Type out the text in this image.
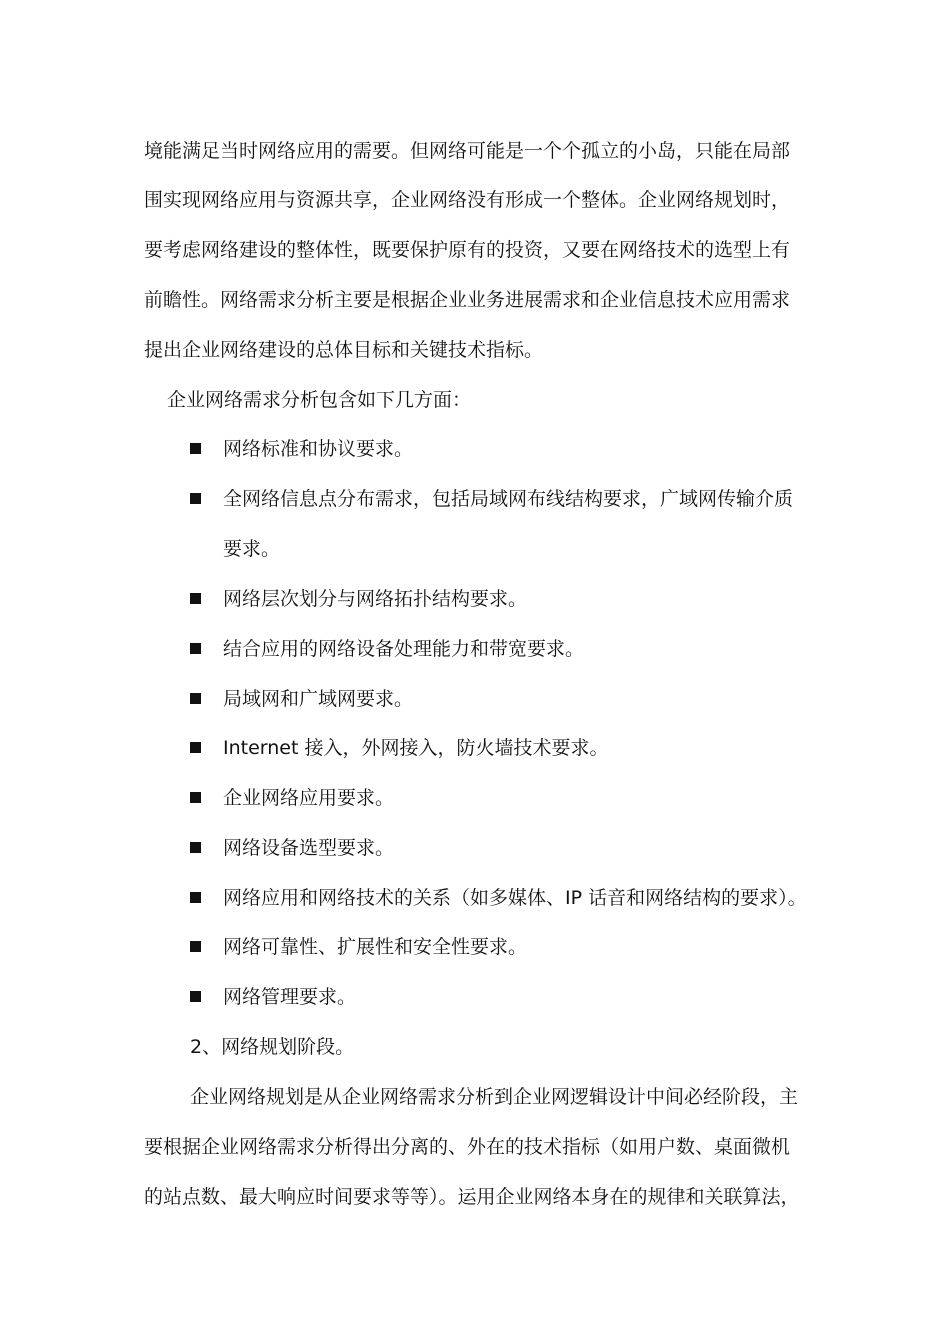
境能满足当时网络应用的需要。但网络可能是一个个孤立的小岛，只能在局部
围实现网络应用与资源共享，企业网络没有形成一个整体。企业网络规划时，
要考虑网络建设的整体性，既要保护原有的投资，又要在网络技术的选型上有
前瞻性。网络需求分析主要是根据企业业务进展需求和企业信息技术应用需求
提出企业网络建设的总体目标和关键技术指标。
企业网络需求分析包含如下几方面：
网络标准和协议要求。
全网络信息点分布需求，包括局域网布线结构要求，广域网传输介质
要求。
网络层次划分与网络拓扑结构要求。
结合应用的网络设备处理能力和带宽要求。
局域网和广域网要求。
Internet 接入，外网接入，防火墙技术要求。
企业网络应用要求。
网络设备选型要求。
网络应用和网络技术的关系（如多媒体、IP 话音和网络结构的要求）。
网络可靠性、扩展性和安全性要求。
网络管理要求。
2、网络规划阶段。
企业网络规划是从企业网络需求分析到企业网逻辑设计中间必经阶段，主
要根据企业网络需求分析得出分离的、外在的技术指标（如用户数、桌面微机
的站点数、最大响应时间要求等等）。运用企业网络本身在的规律和关联算法，
